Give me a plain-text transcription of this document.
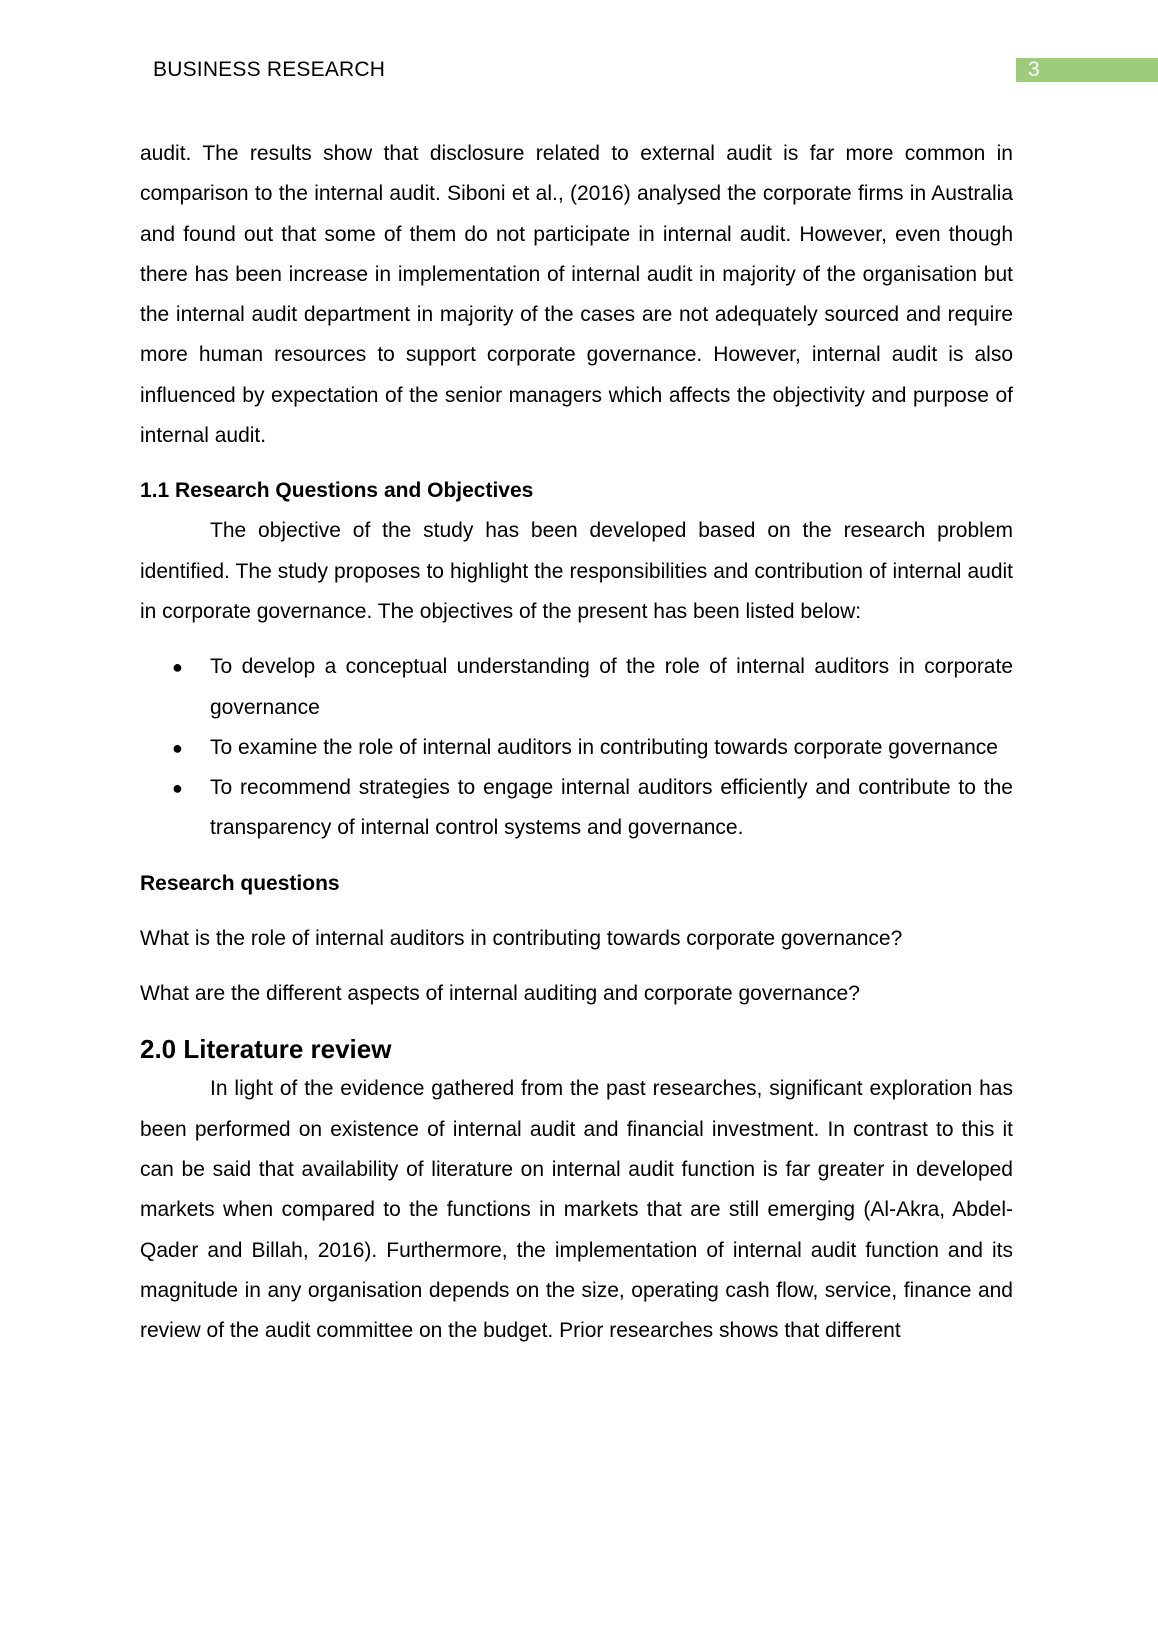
BUSINESS RESEARCH	3

audit. The results show that disclosure related to external audit is far more common in comparison to the internal audit. Siboni et al., (2016) analysed the corporate firms in Australia and found out that some of them do not participate in internal audit. However, even though there has been increase in implementation of internal audit in majority of the organisation but the internal audit department in majority of the cases are not adequately sourced and require more human resources to support corporate governance. However, internal audit is also influenced by expectation of the senior managers which affects the objectivity and purpose of internal audit.

1.1 Research Questions and Objectives

The objective of the study has been developed based on the research problem identified. The study proposes to highlight the responsibilities and contribution of internal audit in corporate governance. The objectives of the present has been listed below:

● To develop a conceptual understanding of the role of internal auditors in corporate governance
● To examine the role of internal auditors in contributing towards corporate governance
● To recommend strategies to engage internal auditors efficiently and contribute to the transparency of internal control systems and governance.
Research questions

What is the role of internal auditors in contributing towards corporate governance?

What are the different aspects of internal auditing and corporate governance?

2.0 Literature review

In light of the evidence gathered from the past researches, significant exploration has been performed on existence of internal audit and financial investment. In contrast to this it can be said that availability of literature on internal audit function is far greater in developed markets when compared to the functions in markets that are still emerging (Al-Akra, Abdel-Qader and Billah, 2016). Furthermore, the implementation of internal audit function and its magnitude in any organisation depends on the size, operating cash flow, service, finance and review of the audit committee on the budget. Prior researches shows that different
